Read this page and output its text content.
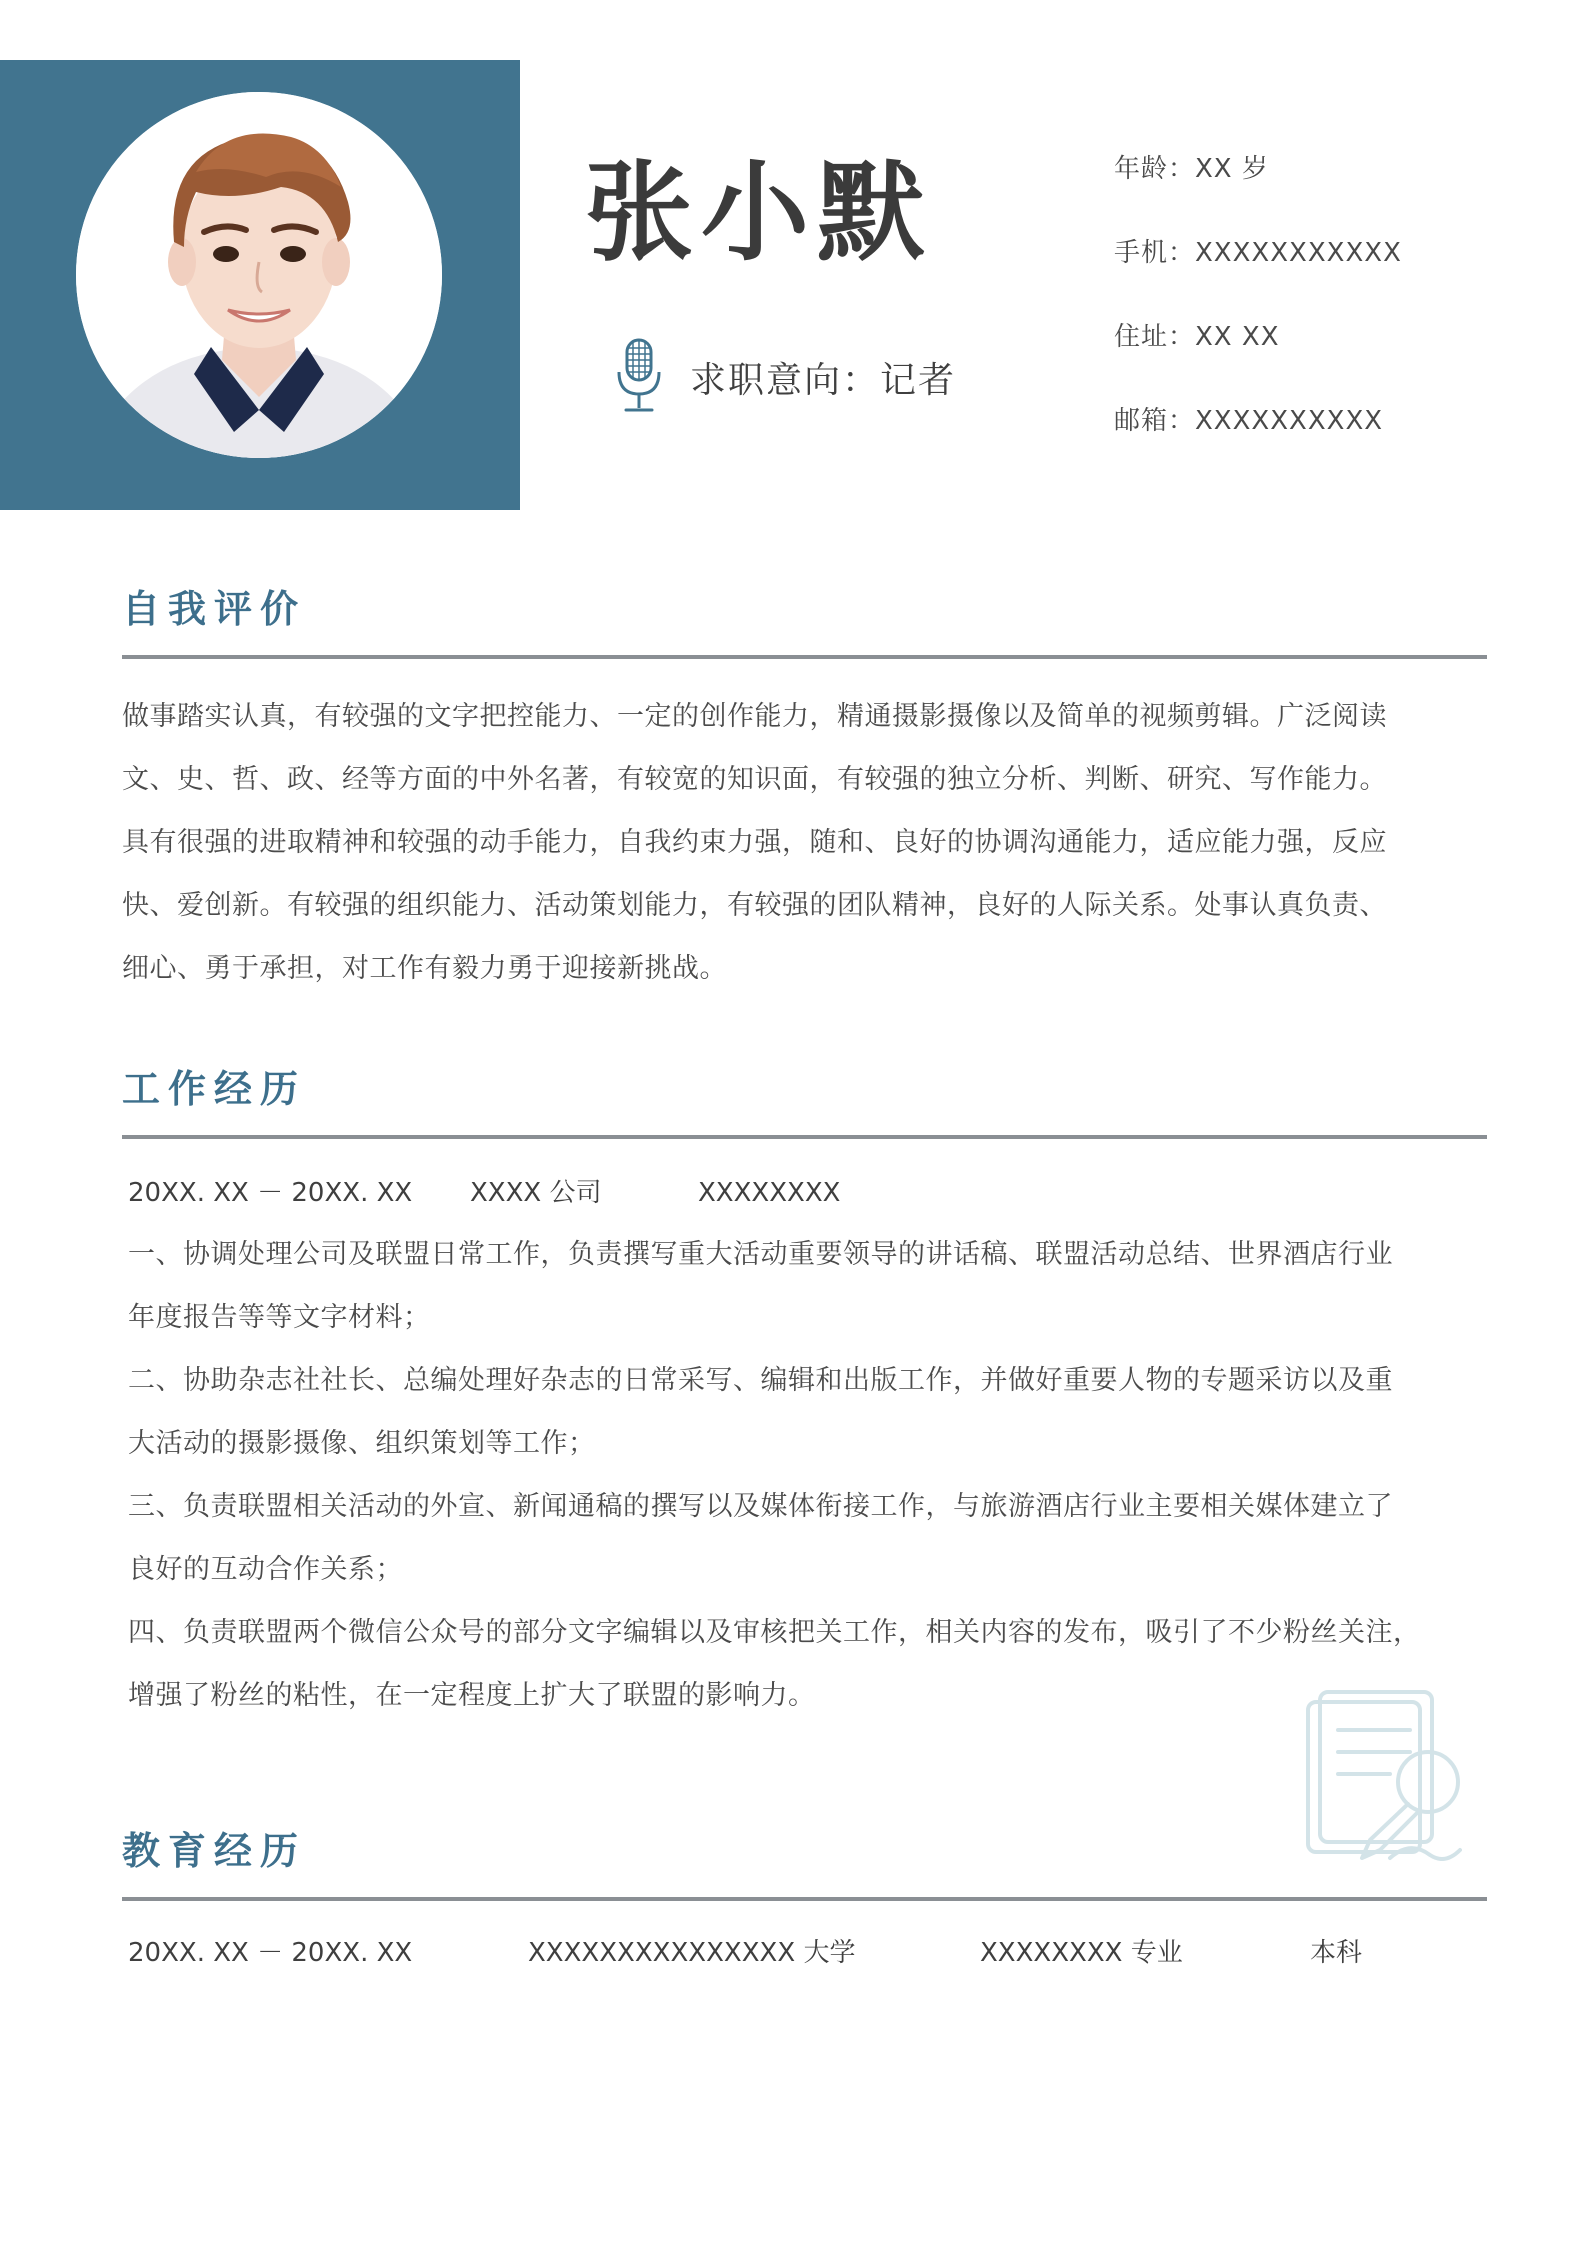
张小默
求职意向：记者
年龄：XX 岁
手机：XXXXXXXXXXX
住址：XX XX
邮箱：XXXXXXXXXX
自我评价
做事踏实认真，有较强的文字把控能力、一定的创作能力，精通摄影摄像以及简单的视频剪辑。广泛阅读
文、史、哲、政、经等方面的中外名著，有较宽的知识面，有较强的独立分析、判断、研究、写作能力。
具有很强的进取精神和较强的动手能力，自我约束力强，随和、良好的协调沟通能力，适应能力强，反应
快、爱创新。有较强的组织能力、活动策划能力，有较强的团队精神，良好的人际关系。处事认真负责、
细心、勇于承担，对工作有毅力勇于迎接新挑战。
工作经历
20XX. XX － 20XX. XX XXXX 公司	XXXXXXXX
一、协调处理公司及联盟日常工作，负责撰写重大活动重要领导的讲话稿、联盟活动总结、世界酒店行业
年度报告等等文字材料；
二、协助杂志社社长、总编处理好杂志的日常采写、编辑和出版工作，并做好重要人物的专题采访以及重
大活动的摄影摄像、组织策划等工作；
三、负责联盟相关活动的外宣、新闻通稿的撰写以及媒体衔接工作，与旅游酒店行业主要相关媒体建立了
良好的互动合作关系；
四、负责联盟两个微信公众号的部分文字编辑以及审核把关工作，相关内容的发布，吸引了不少粉丝关注，
增强了粉丝的粘性，在一定程度上扩大了联盟的影响力。
教育经历
20XX. XX － 20XX. XX	XXXXXXXXXXXXXXX 大学	XXXXXXXX 专业	本科
